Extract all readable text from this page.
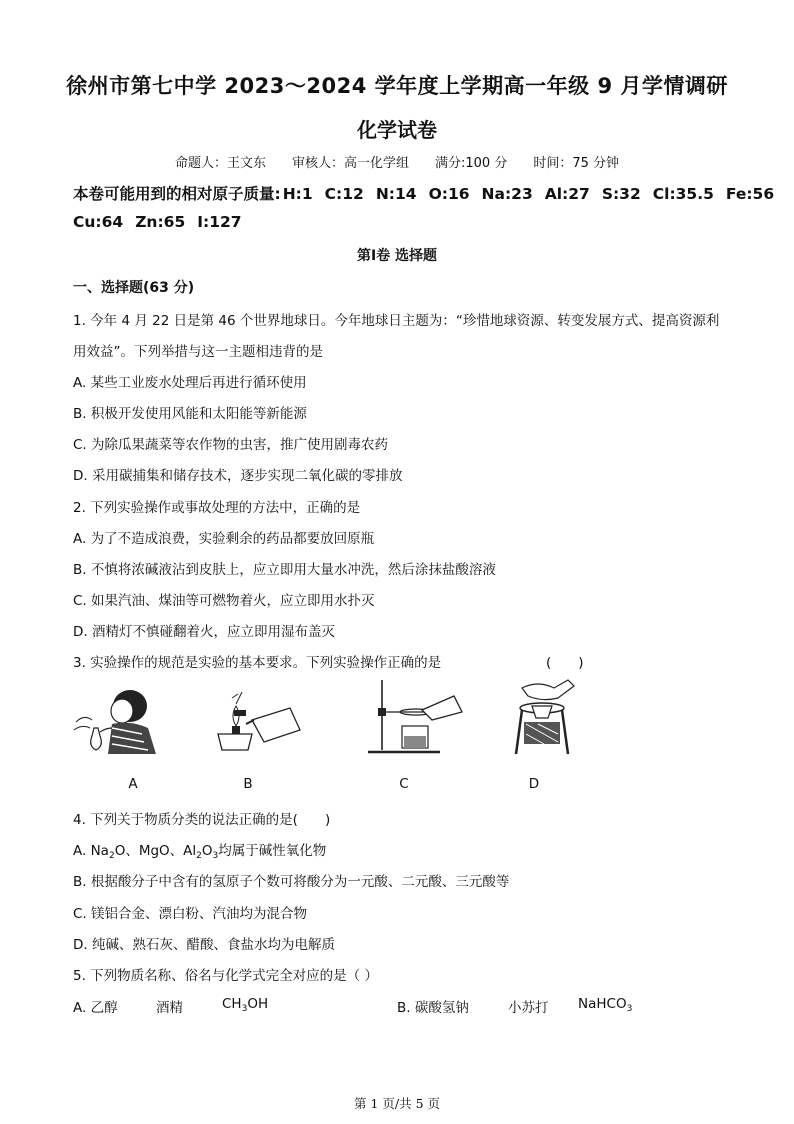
徐州市第七中学 2023～2024 学年度上学期高一年级 9 月学情调研
化学试卷
命题人：王文东 审核人：高一化学组 满分:100 分 时间：75 分钟
本卷可能用到的相对原子质量: H:1 C:12 N:14 O:16 Na:23 Al:27 S:32 Cl:35.5 Fe:56
Cu:64 Zn:65 I:127
第Ⅰ卷 选择题
一、选择题(63 分)
1. 今年 4 月 22 日是第 46 个世界地球日。今年地球日主题为：“珍惜地球资源、转变发展方式、提高资源利
用效益”。下列举措与这一主题相违背的是
A. 某些工业废水处理后再进行循环使用
B. 积极开发使用风能和太阳能等新能源
C. 为除瓜果蔬菜等农作物的虫害，推广使用剧毒农药
D. 采用碳捕集和储存技术，逐步实现二氧化碳的零排放
2. 下列实验操作或事故处理的方法中，正确的是
A. 为了不造成浪费，实验剩余的药品都要放回原瓶
B. 不慎将浓碱液沾到皮肤上，应立即用大量水冲洗，然后涂抹盐酸溶液
C. 如果汽油、煤油等可燃物着火，应立即用水扑灭
D. 酒精灯不慎碰翻着火，应立即用湿布盖灭
3. 实验操作的规范是实验的基本要求。下列实验操作正确的是	(　　)
A	B	C	D
4. 下列关于物质分类的说法正确的是(　　)
A. $Na_2O$、MgO、$Al_2O_3$均属于碱性氧化物
B. 根据酸分子中含有的氢原子个数可将酸分为一元酸、二元酸、三元酸等
C. 镁铝合金、漂白粉、汽油均为混合物
D. 纯碱、熟石灰、醋酸、食盐水均为电解质
5. 下列物质名称、俗名与化学式完全对应的是（ ）
A. 乙醇	酒精	$CH_3OH$	B. 碳酸氢钠	小苏打 NaHCO$_3$
第 1 页/共 5 页
